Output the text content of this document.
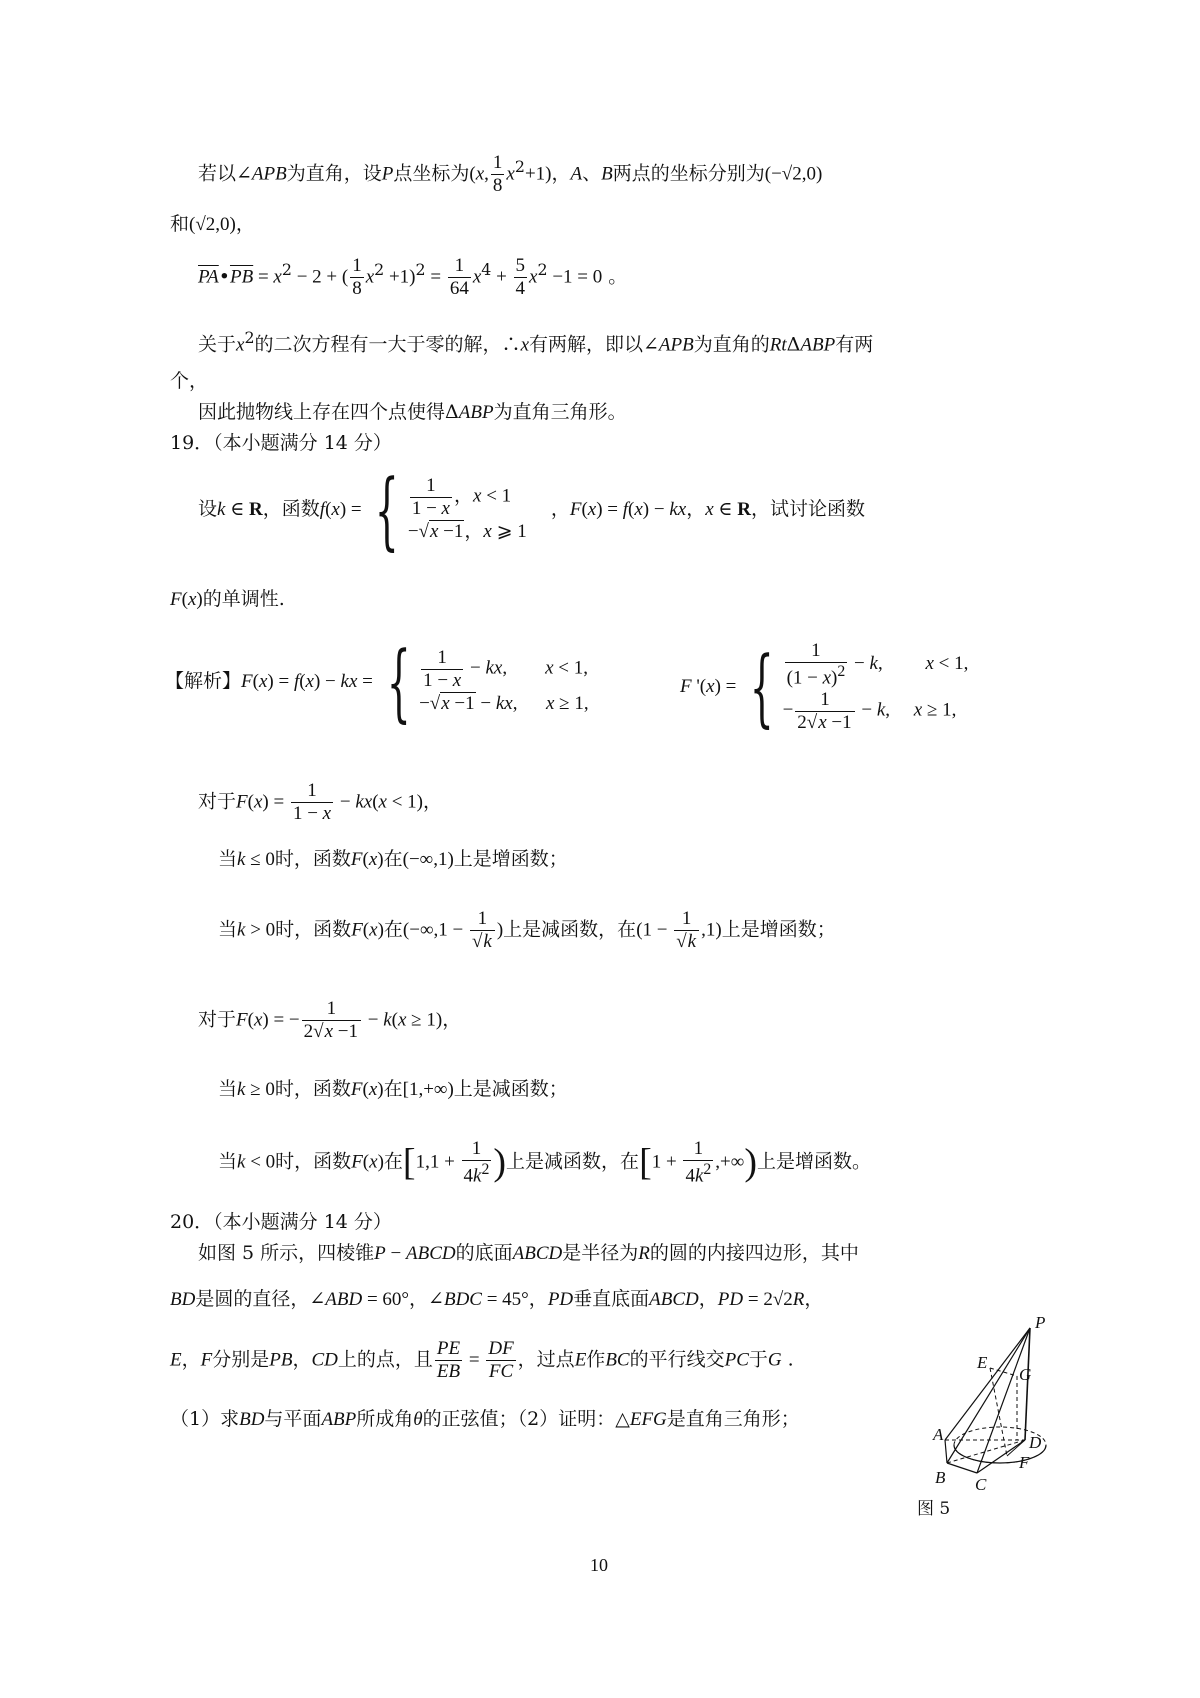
若以∠APB为直角，设P点坐标为(x, $\frac{1}{8} x^2+1$)，A、B两点的坐标分别为(−√2,0)
和(√2,0)，
$\overline{PA}•\overline{PB} = x^2 - 2$ + ( $\frac{1}{8} x^2 +1)^2 = \frac{1}{64} x^4 + \frac{5}{4} x^2 -1 = 0$ 。
关于$x^2$的二次方程有一大于零的解，∴x有两解，即以∠APB为直角的RtΔABP有两
个，
因此抛物线上存在四个点使得ΔABP为直角三角形。
19．（本小题满分 14 分）
设k ∈ R，函数f(x) = { $\frac{1}{1 - x}$ ，x < 1
−√x −1，x ⩾ 1
，F(x) = f(x) − kx，x ∈ R，试讨论函数
F(x)的单调性.
【解析】F(x) = f(x) − kx = { $\frac{1}{1 - x}$ − kx,        x < 1,
−√x −1 − kx,      x ≥ 1,
F '(x) = { $\frac{1}{(1 - x)^2} - k$,         x < 1,
− $\frac{1}{2√x -1} - k$,     x ≥ 1,
对于$F(x) = \frac{1}{1 - x} - kx(x < 1)$，
当k ≤ 0时，函数F(x)在(−∞,1)上是增函数；
当k > 0时，函数F(x)在($-\infty,1 - \frac{1}{√k}$ )上是减函数，在$(1 - \frac{1}{√k} ,1)$上是增函数；
对于F(x) = − $\frac{1}{2√x -1} - k(x \ge 1)$，
当k ≥ 0时，函数F(x)在[1,+∞)上是减函数；
当k < 0时，函数F(x)在[$1,1 + \frac{1}{4k^2}$ )上是减函数，在[$1 + \frac{1}{4k^2}$ ,+∞)上是增函数。
20．（本小题满分 14 分）
如图 5 所示，四棱锥P − ABCD的底面ABCD是半径为R的圆的内接四边形，其中
BD是圆的直径，∠ABD = 60°，∠BDC = 45°，PD垂直底面ABCD，PD = 2√2R，
E，F分别是PB，CD上的点，且 $\frac{PE}{EB} = \frac{DF}{FC}$ ，过点E作BC的平行线交PC于G .
（1）求BD与平面ABP所成角θ的正弦值；（2）证明：△EFG是直角三角形；
P
E
G
A	D
F
B C
图 5
10
